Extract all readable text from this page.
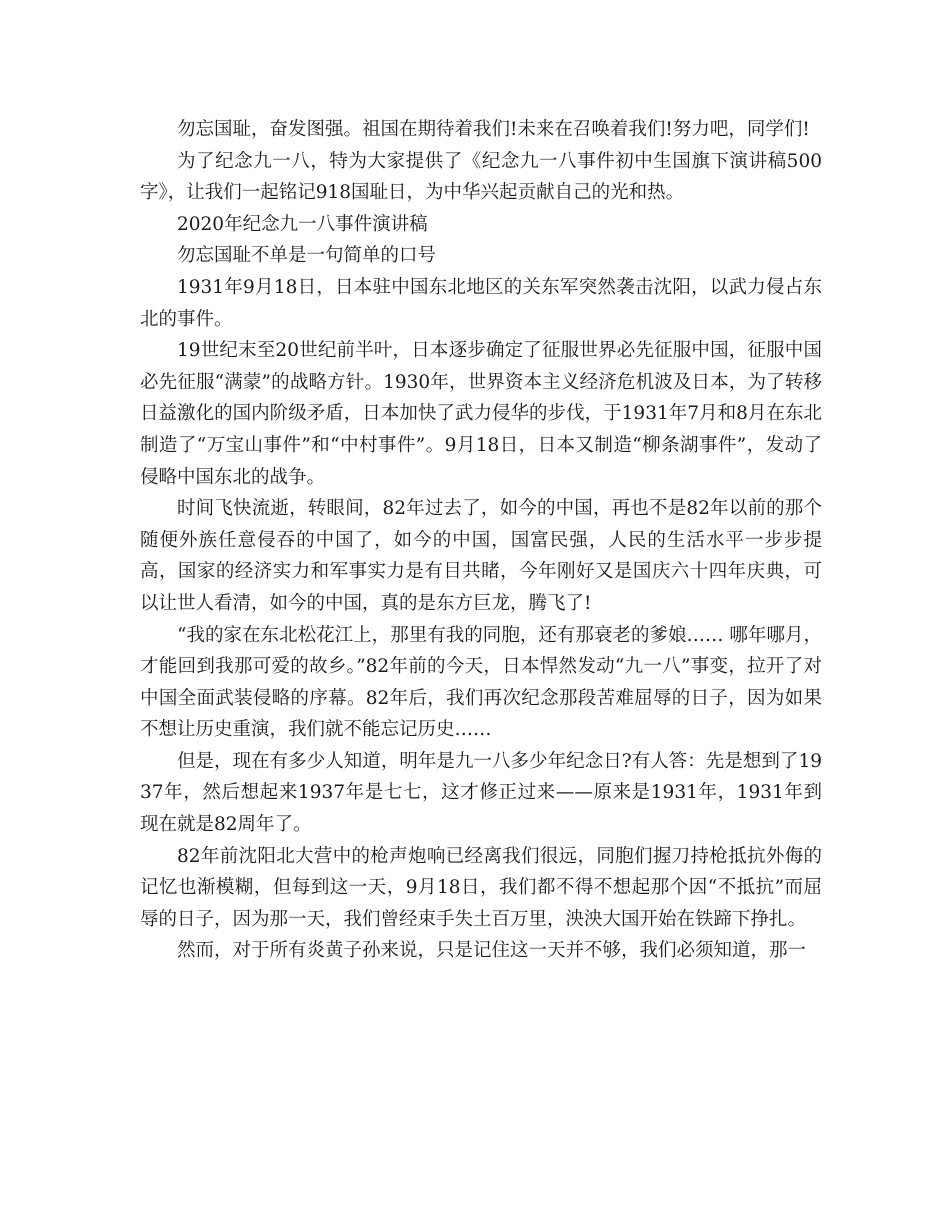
勿忘国耻，奋发图强。祖国在期待着我们!未来在召唤着我们!努力吧，同学们!

为了纪念九一八，特为大家提供了《纪念九一八事件初中生国旗下演讲稿500字》，让我们一起铭记918国耻日，为中华兴起贡献自己的光和热。

2020年纪念九一八事件演讲稿

勿忘国耻不单是一句简单的口号

1931年9月18日，日本驻中国东北地区的关东军突然袭击沈阳，以武力侵占东北的事件。

19世纪末至20世纪前半叶，日本逐步确定了征服世界必先征服中国，征服中国必先征服“满蒙”的战略方针。1930年，世界资本主义经济危机波及日本，为了转移日益激化的国内阶级矛盾，日本加快了武力侵华的步伐，于1931年7月和8月在东北制造了“万宝山事件”和“中村事件”。9月18日，日本又制造“柳条湖事件”，发动了侵略中国东北的战争。

时间飞快流逝，转眼间，82年过去了，如今的中国，再也不是82年以前的那个随便外族任意侵吞的中国了，如今的中国，国富民强，人民的生活水平一步步提高，国家的经济实力和军事实力是有目共睹，今年刚好又是国庆六十四年庆典，可以让世人看清，如今的中国，真的是东方巨龙，腾飞了!

“我的家在东北松花江上，那里有我的同胞，还有那衰老的爹娘…… 哪年哪月，才能回到我那可爱的故乡。”82年前的今天，日本悍然发动“九一八”事变，拉开了对中国全面武装侵略的序幕。82年后，我们再次纪念那段苦难屈辱的日子，因为如果不想让历史重演，我们就不能忘记历史……

但是，现在有多少人知道，明年是九一八多少年纪念日?有人答：先是想到了1937年，然后想起来1937年是七七，这才修正过来——原来是1931年，1931年到现在就是82周年了。

82年前沈阳北大营中的枪声炮响已经离我们很远，同胞们握刀持枪抵抗外侮的记忆也渐模糊，但每到这一天，9月18日，我们都不得不想起那个因“不抵抗”而屈辱的日子，因为那一天，我们曾经束手失土百万里，泱泱大国开始在铁蹄下挣扎。

然而，对于所有炎黄子孙来说，只是记住这一天并不够，我们必须知道，那一
